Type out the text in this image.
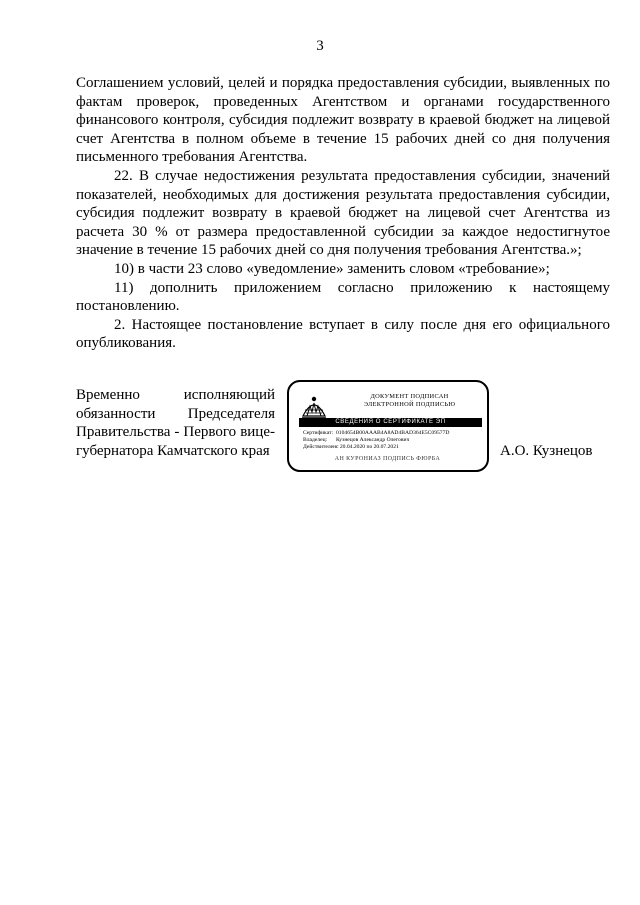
3

Соглашением условий, целей и порядка предоставления субсидии, выявленных по фактам проверок, проведенных Агентством и органами государственного финансового контроля, субсидия подлежит возврату в краевой бюджет на лицевой счет Агентства в полном объеме в течение 15 рабочих дней со дня получения письменного требования Агентства.

22. В случае недостижения результата предоставления субсидии, значений показателей, необходимых для достижения результата предоставления субсидии, субсидия подлежит возврату в краевой бюджет на лицевой счет Агентства из расчета 30 % от размера предоставленной субсидии за каждое недостигнутое значение в течение 15 рабочих дней со дня получения требования Агентства.»;

10) в части 23 слово «уведомление» заменить словом «требование»;

11) дополнить приложением согласно приложению к настоящему постановлению.

2. Настоящее постановление вступает в силу после дня его официального опубликования.

Временно исполняющий
обязанности Председателя
Правительства - Первого вице-
губернатора Камчатского края
ДОКУМЕНТ ПОДПИСАН
ЭЛЕКТРОННОЙ ПОДПИСЬЮ
СВЕДЕНИЯ О СЕРТИФИКАТЕ ЭП
Сертификат: 0104654B00AAAB4A8AD4BAD364E5C09577D
Владелец:	Кузнецов Александр Олегович
Действителен:
с 20.04.2020 по 20.07.2021
АН КУРОНИАЗ ПОДПИСЬ ФЮРБА	А.О. Кузнецов
